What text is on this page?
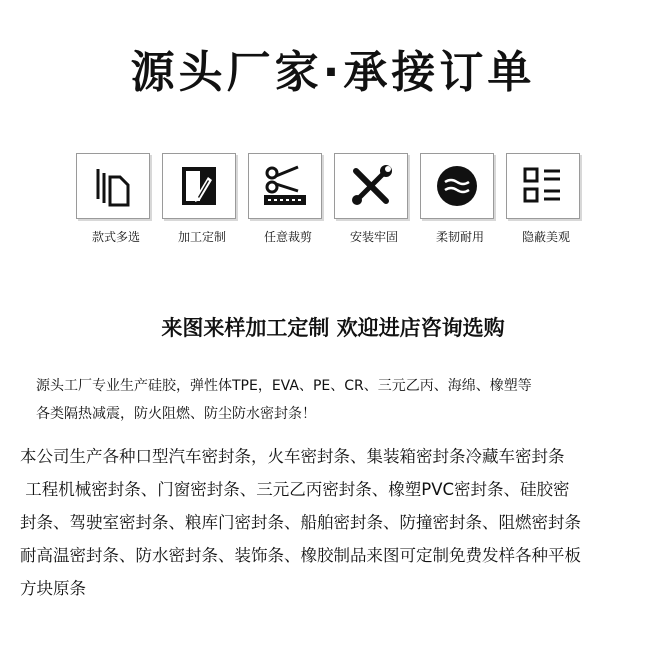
源头厂家·承接订单
款式多选	加工定制	任意裁剪	安装牢固	柔韧耐用	隐蔽美观
来图来样加工定制 欢迎进店咨询选购
源头工厂专业生产硅胶，弹性体TPE，EVA、PE、CR、三元乙丙、海绵、橡塑等
各类隔热减震，防火阻燃、防尘防水密封条！
本公司生产各种口型汽车密封条，火车密封条、集装箱密封条冷藏车密封条
工程机械密封条、门窗密封条、三元乙丙密封条、橡塑PVC密封条、硅胶密
封条、驾驶室密封条、粮库门密封条、船舶密封条、防撞密封条、阻燃密封条
耐高温密封条、防水密封条、装饰条、橡胶制品来图可定制免费发样各种平板
方块原条
